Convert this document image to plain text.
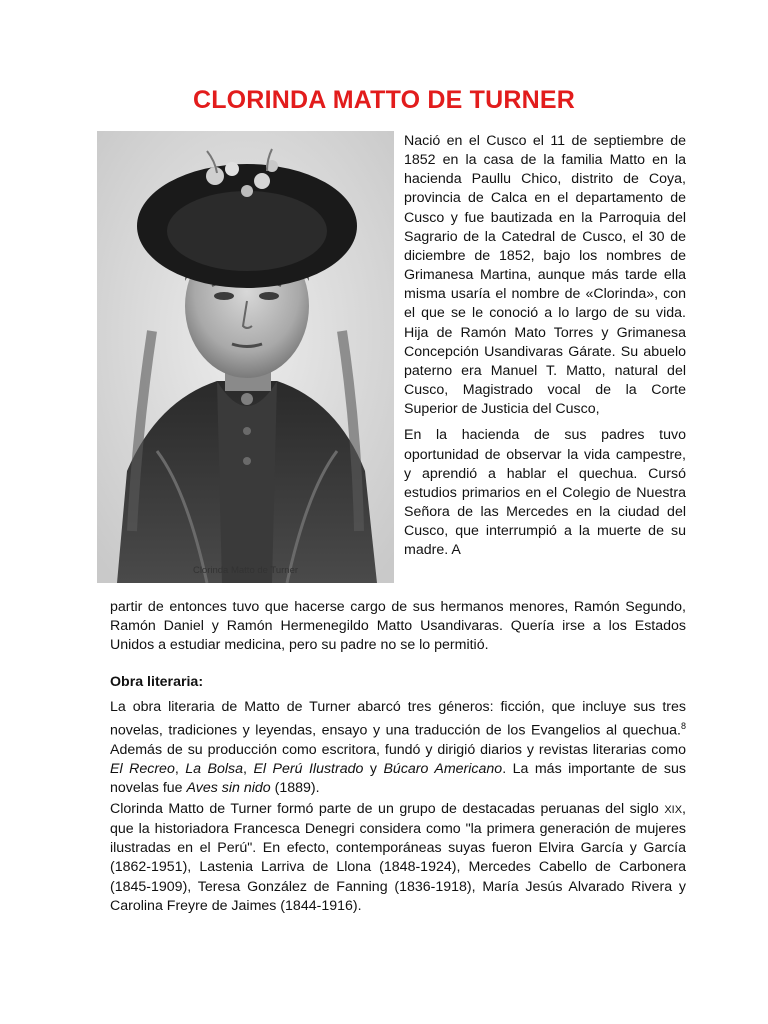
CLORINDA MATTO DE TURNER
Clorinda Matto de Turner

Nació en el Cusco el 11 de septiembre de 1852 en la casa de la familia Matto en la hacienda Paullu Chico, distrito de Coya, provincia de Calca en el departamento de Cusco y fue bautizada en la Parroquia del Sagrario de la Catedral de Cusco, el 30 de diciembre de 1852, bajo los nombres de Grimanesa Martina, aunque más tarde ella misma usaría el nombre de «Clorinda», con el que se le conoció a lo largo de su vida. Hija de Ramón Mato Torres y Grimanesa Concepción Usandivaras Gárate. Su abuelo paterno era Manuel T. Matto, natural del Cusco, Magistrado vocal de la Corte Superior de Justicia del Cusco,

En la hacienda de sus padres tuvo oportunidad de observar la vida campestre, y aprendió a hablar el quechua. Cursó estudios primarios en el Colegio de Nuestra Señora de las Mercedes en la ciudad del Cusco, que interrumpió a la muerte de su madre. A

partir de entonces tuvo que hacerse cargo de sus hermanos menores, Ramón Segundo, Ramón Daniel y Ramón Hermenegildo Matto Usandivaras. Quería irse a los Estados Unidos a estudiar medicina, pero su padre no se lo permitió.
Obra literaria:
La obra literaria de Matto de Turner abarcó tres géneros: ficción, que incluye sus tres novelas, tradiciones y leyendas, ensayo y una traducción de los Evangelios al quechua.$^8$ Además de su producción como escritora, fundó y dirigió diarios y revistas literarias como El Recreo, La Bolsa, El Perú Ilustrado y Búcaro Americano. La más importante de sus novelas fue Aves sin nido (1889).
Clorinda Matto de Turner formó parte de un grupo de destacadas peruanas del siglo XIX, que la historiadora Francesca Denegri considera como "la primera generación de mujeres ilustradas en el Perú". En efecto, contemporáneas suyas fueron Elvira García y García (1862-1951), Lastenia Larriva de Llona (1848-1924), Mercedes Cabello de Carbonera (1845-1909), Teresa González de Fanning (1836-1918), María Jesús Alvarado Rivera y Carolina Freyre de Jaimes (1844-1916).
